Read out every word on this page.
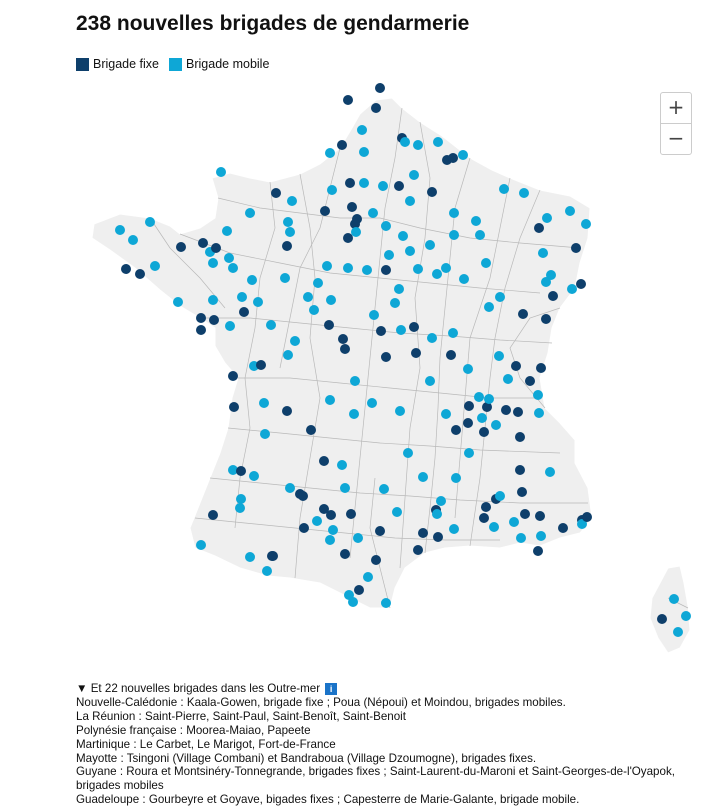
238 nouvelles brigades de gendarmerie
Brigade fixe Brigade mobile
+
−
▼ Et 22 nouvelles brigades dans les Outre-mer	i

Nouvelle-Calédonie : Kaala-Gowen, brigade fixe ; Poua (Népoui) et Moindou, brigades mobiles.

La Réunion : Saint-Pierre, Saint-Paul, Saint-Benoît, Saint-Benoit

Polynésie française : Moorea-Maiao, Papeete

Martinique : Le Carbet, Le Marigot, Fort-de-France

Mayotte : Tsingoni (Village Combani) et Bandraboua (Village Dzoumogne), brigades fixes.

Guyane : Roura et Montsinéry-Tonnegrande, brigades fixes ; Saint-Laurent-du-Maroni et Saint-Georges-de-l'Oyapok, brigades mobiles

Guadeloupe : Gourbeyre et Goyave, bigades fixes ; Capesterre de Marie-Galante, brigade mobile.
